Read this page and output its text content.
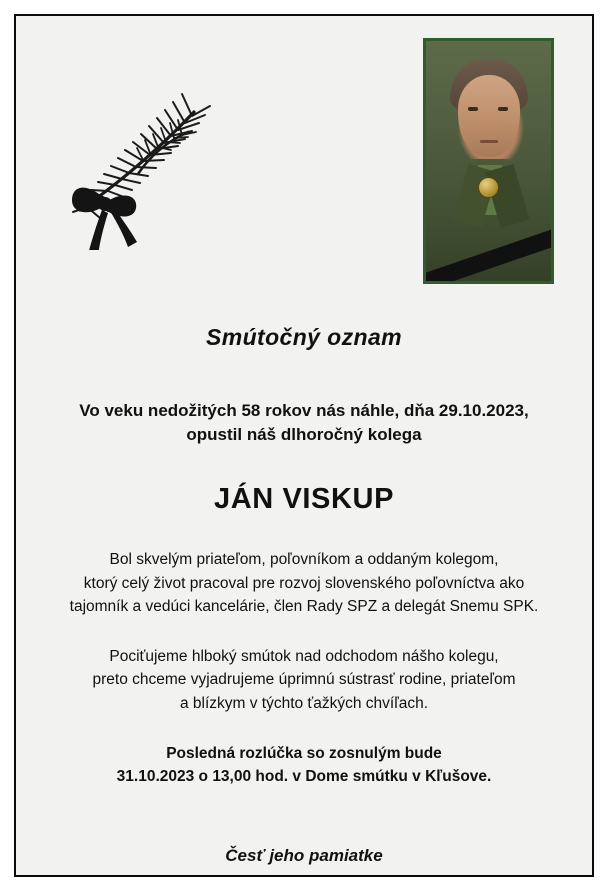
Smútočný oznam

Vo veku nedožitých 58 rokov nás náhle, dňa 29.10.2023,
opustil náš dlhoročný kolega

JÁN VISKUP

Bol skvelým priateľom, poľovníkom a oddaným kolegom,
ktorý celý život pracoval pre rozvoj slovenského poľovníctva ako
tajomník a vedúci kancelárie, člen Rady SPZ a delegát Snemu SPK.

Pociťujeme hlboký smútok nad odchodom nášho kolegu,
preto chceme vyjadrujeme úprimnú sústrasť rodine, priateľom
a blízkym v týchto ťažkých chvíľach.

Posledná rozlúčka so zosnulým bude
31.10.2023 o 13,00 hod. v Dome smútku v Kľušove.

Česť jeho pamiatke
